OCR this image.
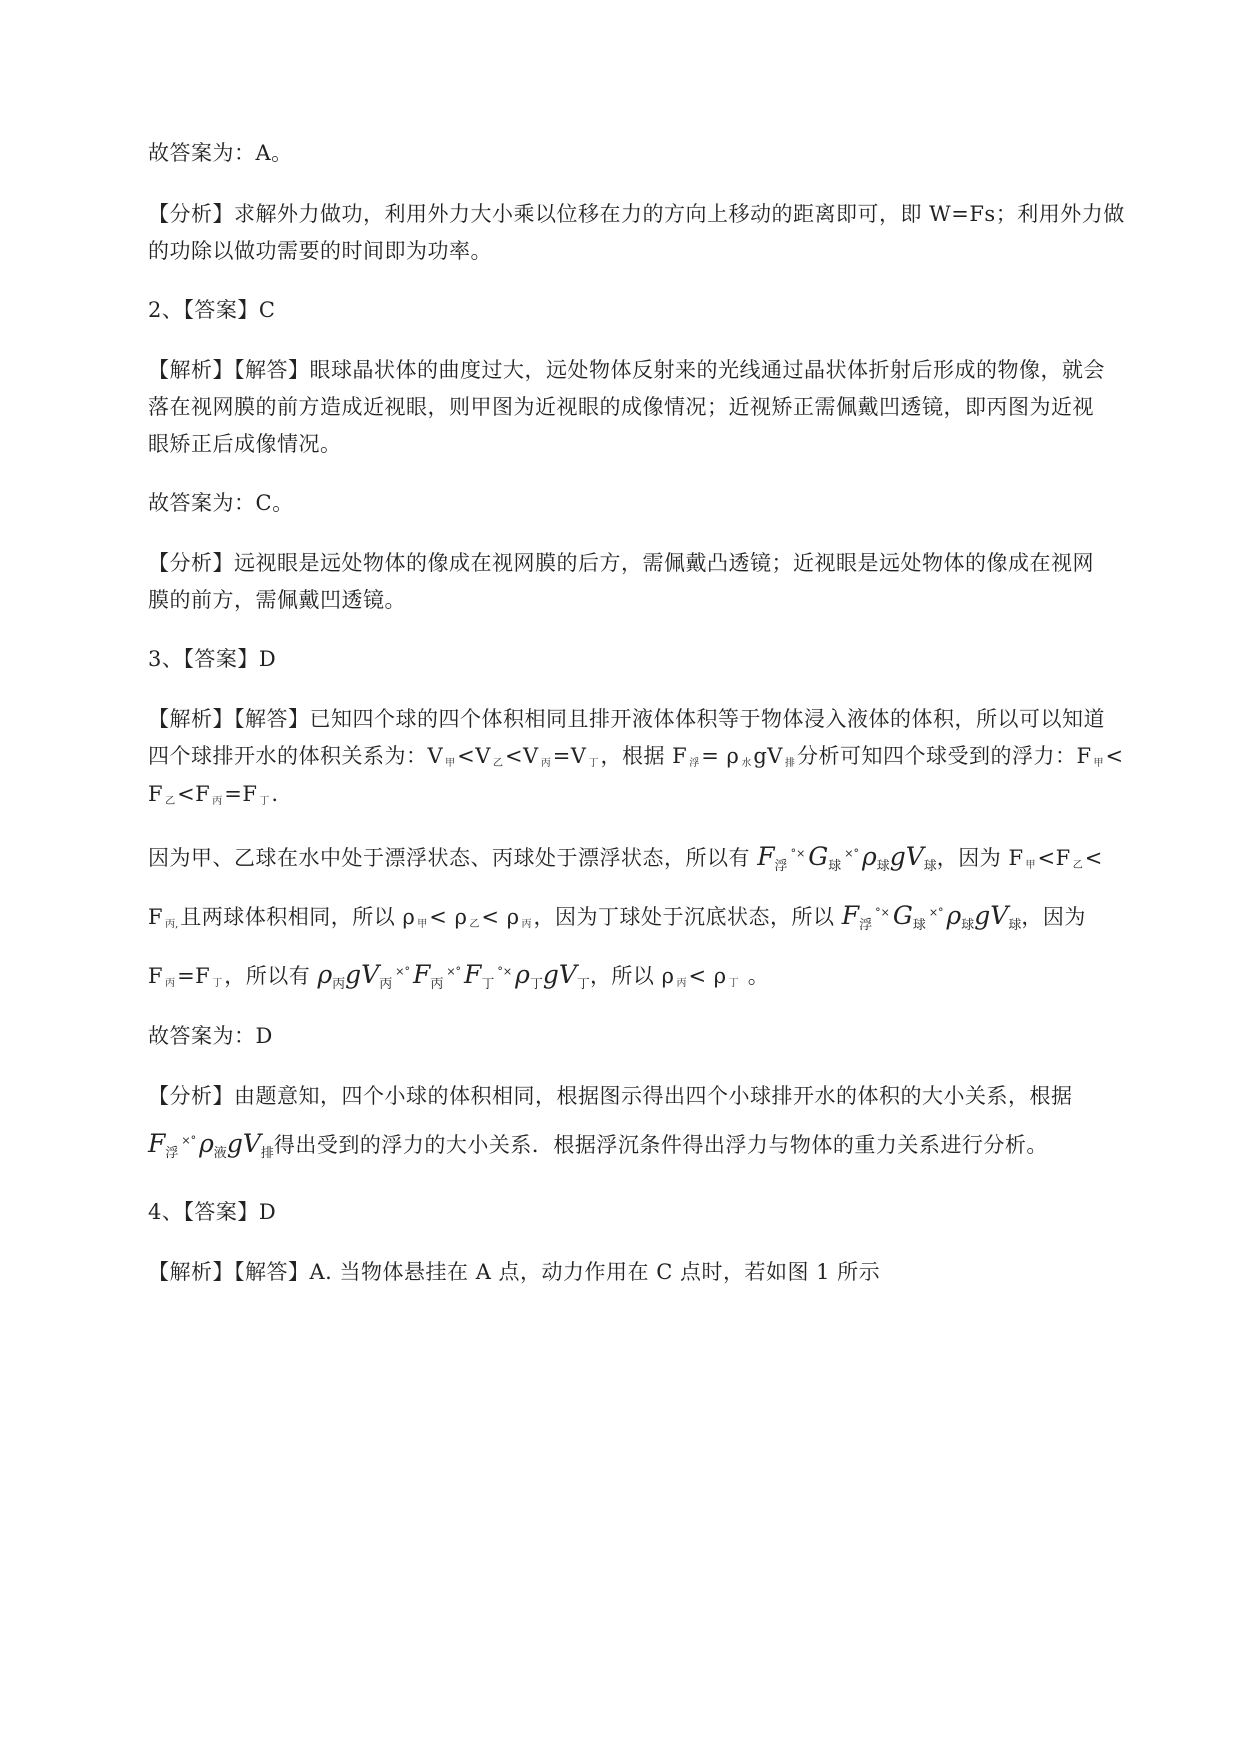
故答案为：A。
【分析】求解外力做功，利用外力大小乘以位移在力的方向上移动的距离即可，即 W=Fs；利用外力做
的功除以做功需要的时间即为功率。
2、【答案】C
【解析】【解答】眼球晶状体的曲度过大，远处物体反射来的光线通过晶状体折射后形成的物像，就会
落在视网膜的前方造成近视眼，则甲图为近视眼的成像情况；近视矫正需佩戴凹透镜，即丙图为近视
眼矫正后成像情况。
故答案为：C。
【分析】远视眼是远处物体的像成在视网膜的后方，需佩戴凸透镜；近视眼是远处物体的像成在视网
膜的前方，需佩戴凹透镜。
3、【答案】D
【解析】【解答】已知四个球的四个体积相同且排开液体体积等于物体浸入液体的体积，所以可以知道
四个球排开水的体积关系为：V $_甲$<V $_乙$<V $_丙$=V $_丁$，根据 F $_浮$= ρ $_水$gV $_排$分析可知四个球受到的浮力：F $_甲$<
F $_乙$<F $_丙$=F $_丁$.
因为甲、乙球在水中处于漂浮状态、丙球处于漂浮状态，所以有 $F_浮^{^\circ\times}$ $G_球^{\times^\circ}$ $\rho_球gV_球$，因为 F $_甲$<F $_乙$<
F $_{丙,}$且两球体积相同，所以 ρ $_甲$< ρ $_乙$< ρ $_丙$，因为丁球处于沉底状态，所以 $F_浮^{^\circ\times}$ $G_球^{\times^\circ}$ $\rho_球gV_球$，因为
F $_丙$=F $_丁$，所以有 $\rho_丙gV_丙^{\times^\circ}$ $F_丙^{\times^\circ}$ $F_丁^{^\circ\times}$ $\rho_丁gV_丁$，所以 ρ $_丙$< ρ $_丁$ 。
故答案为：D
【分析】由题意知，四个小球的体积相同，根据图示得出四个小球排开水的体积的大小关系，根据
$F_浮^{\times^\circ}$ $\rho_液gV_排$得出受到的浮力的大小关系．根据浮沉条件得出浮力与物体的重力关系进行分析。
4、【答案】D
【解析】【解答】A. 当物体悬挂在 A 点，动力作用在 C 点时，若如图 1 所示
